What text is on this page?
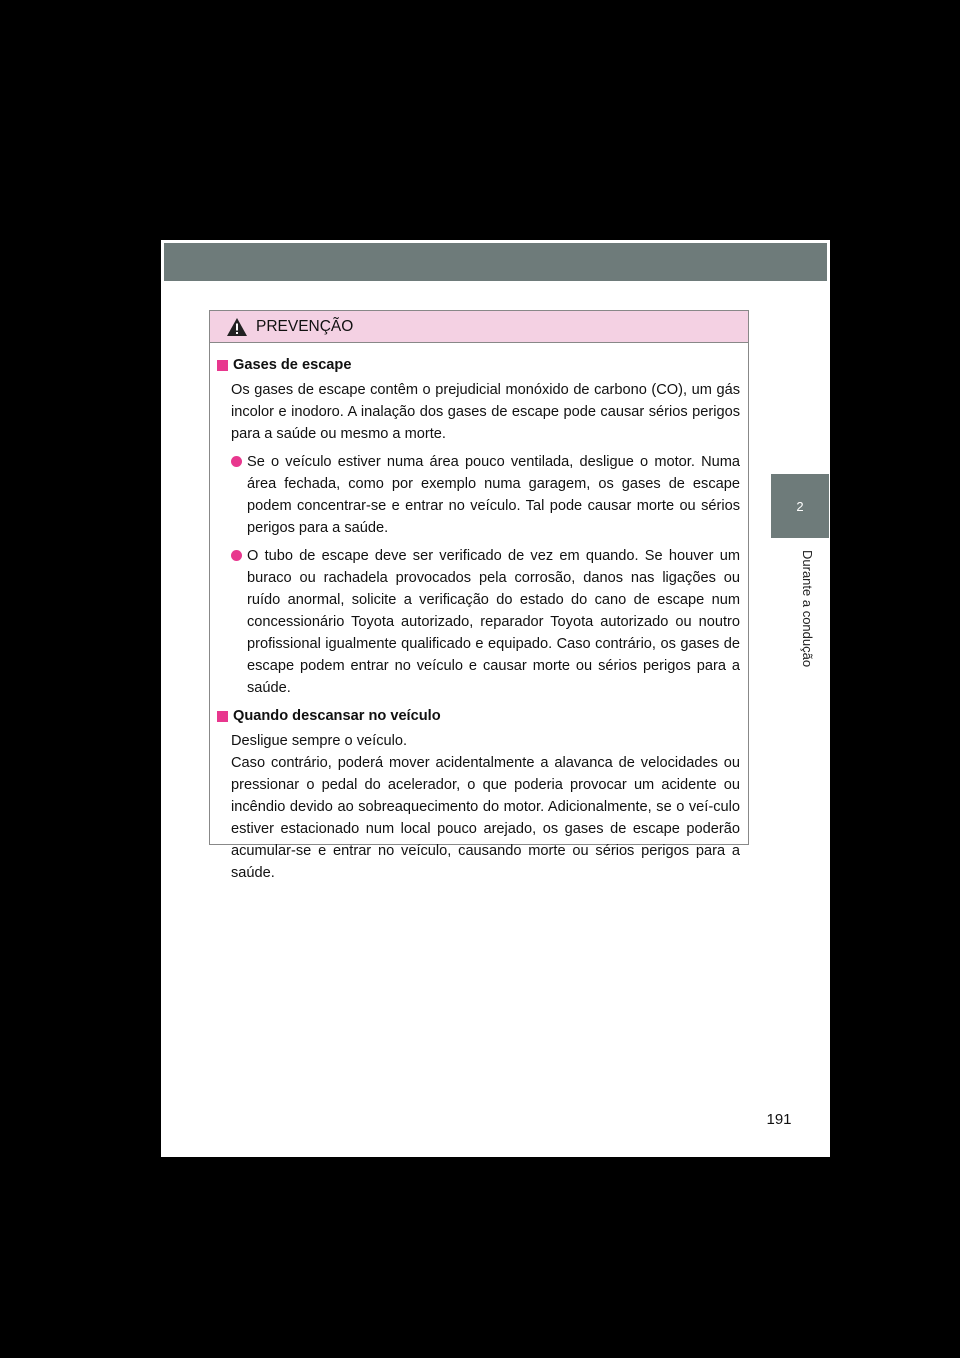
PREVENÇÃO
Gases de escape
Os gases de escape contêm o prejudicial monóxido de carbono (CO), um gás incolor e inodoro. A inalação dos gases de escape pode causar sérios perigos para a saúde ou mesmo a morte.
Se o veículo estiver numa área pouco ventilada, desligue o motor. Numa área fechada, como por exemplo numa garagem, os gases de escape podem concentrar-se e entrar no veículo. Tal pode causar morte ou sérios perigos para a saúde.
O tubo de escape deve ser verificado de vez em quando. Se houver um buraco ou rachadela provocados pela corrosão, danos nas ligações ou ruído anormal, solicite a verificação do estado do cano de escape num concessionário Toyota autorizado, reparador Toyota autorizado ou noutro profissional igualmente qualificado e equipado. Caso contrário, os gases de escape podem entrar no veículo e causar morte ou sérios perigos para a saúde.
Quando descansar no veículo
Desligue sempre o veículo.
Caso contrário, poderá mover acidentalmente a alavanca de velocidades ou pressionar o pedal do acelerador, o que poderia provocar um acidente ou incêndio devido ao sobreaquecimento do motor. Adicionalmente, se o veí-culo estiver estacionado num local pouco arejado, os gases de escape poderão acumular-se e entrar no veículo, causando morte ou sérios perigos para a saúde.
2
Durante a condução
191
